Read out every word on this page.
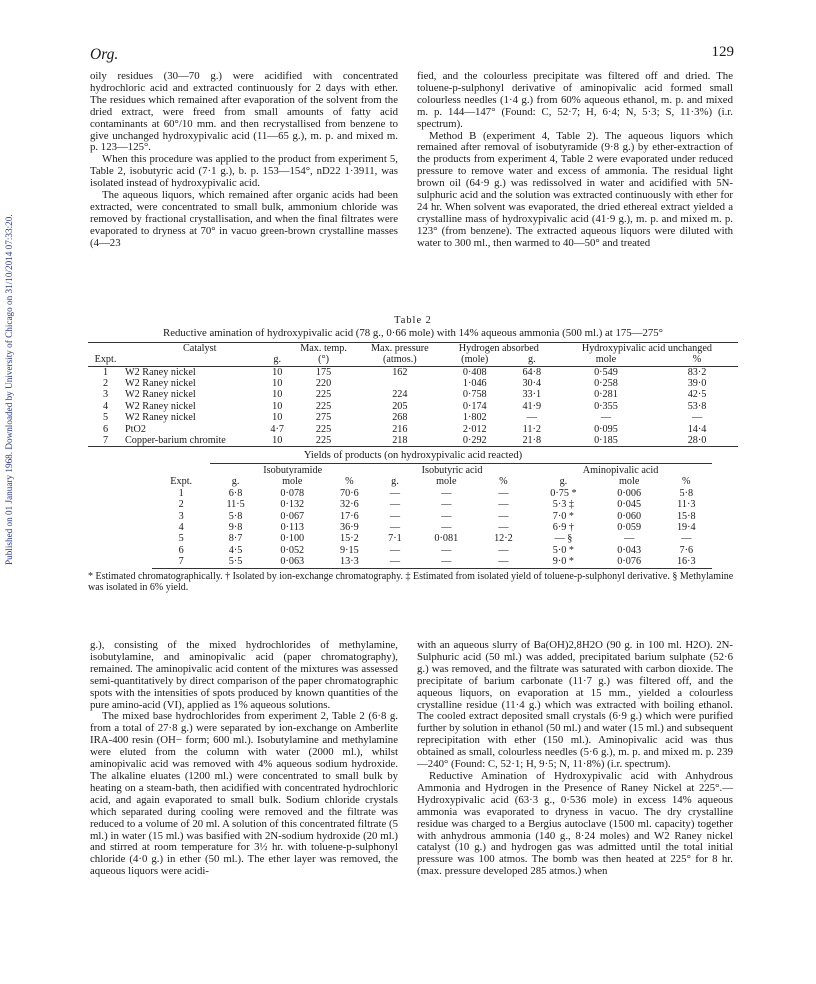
Published on 01 January 1968. Downloaded by University of Chicago on 31/10/2014 07:33:20.
Org.	129

oily residues (30—70 g.) were acidified with concentrated hydrochloric acid and extracted continuously for 2 days with ether. The residues which remained after evaporation of the solvent from the dried extract, were freed from small amounts of fatty acid contaminants at 60°/10 mm. and then recrystallised from benzene to give unchanged hydroxypivalic acid (11—65 g.), m. p. and mixed m. p. 123—125°.

When this procedure was applied to the product from experiment 5, Table 2, isobutyric acid (7·1 g.), b. p. 153—154°, nD22 1·3911, was isolated instead of hydroxypivalic acid.

The aqueous liquors, which remained after organic acids had been extracted, were concentrated to small bulk, ammonium chloride was removed by fractional crystallisation, and when the final filtrates were evaporated to dryness at 70° in vacuo green-brown crystalline masses (4—23

fied, and the colourless precipitate was filtered off and dried. The toluene-p-sulphonyl derivative of aminopivalic acid formed small colourless needles (1·4 g.) from 60% aqueous ethanol, m. p. and mixed m. p. 144—147° (Found: C, 52·7; H, 6·4; N, 5·3; S, 11·3%) (i.r. spectrum).

Method B (experiment 4, Table 2). The aqueous liquors which remained after removal of isobutyramide (9·8 g.) by ether-extraction of the products from experiment 4, Table 2 were evaporated under reduced pressure to remove water and excess of ammonia. The residual light brown oil (64·9 g.) was redissolved in water and acidified with 5N-sulphuric acid and the solution was extracted continuously with ether for 24 hr. When solvent was evaporated, the dried ethereal extract yielded a crystalline mass of hydroxypivalic acid (41·9 g.), m. p. and mixed m. p. 123° (from benzene). The extracted aqueous liquors were diluted with water to 300 ml., then warmed to 40—50° and treated

Table 2
Reductive amination of hydroxypivalic acid (78 g., 0·66 mole) with 14% aqueous ammonia (500 ml.) at 175—275°
	Catalyst		Max. temp.	Max. pressure	Hydrogen absorbed		Hydroxypivalic acid unchanged	
Expt.		g.	(°)	(atmos.)	(mole)	g.	mole	%
1	W2 Raney nickel	10	175	162	0·408	64·8	0·549	83·2
2	W2 Raney nickel	10	220		1·046	30·4	0·258	39·0
3	W2 Raney nickel	10	225	224	0·758	33·1	0·281	42·5
4	W2 Raney nickel	10	225	205	0·174	41·9	0·355	53·8
5	W2 Raney nickel	10	275	268	1·802	—	—	—
6	PtO2	4·7	225	216	2·012	11·2	0·095	14·4
7	Copper-barium chromite	10	225	218	0·292	21·8	0·185	28·0
Yields of products (on hydroxypivalic acid reacted)
	Isobutyramide			Isobutyric acid			Aminopivalic acid		
Expt.	g.	mole	%	g.	mole	%	g.	mole	%
1	6·8	0·078	70·6	—	—	—	0·75 *	0·006	5·8
2	11·5	0·132	32·6	—	—	—	5·3 ‡	0·045	11·3
3	5·8	0·067	17·6	—	—	—	7·0 *	0·060	15·8
4	9·8	0·113	36·9	—	—	—	6·9 †	0·059	19·4
5	8·7	0·100	15·2	7·1	0·081	12·2	— §	—	—
6	4·5	0·052	9·15	—	—	—	5·0 *	0·043	7·6
7	5·5	0·063	13·3	—	—	—	9·0 *	0·076	16·3
* Estimated chromatographically. † Isolated by ion-exchange chromatography. ‡ Estimated from isolated yield of toluene-p-sulphonyl derivative. § Methylamine was isolated in 6% yield.

g.), consisting of the mixed hydrochlorides of methylamine, isobutylamine, and aminopivalic acid (paper chromatography), remained. The aminopivalic acid content of the mixtures was assessed semi-quantitatively by direct comparison of the paper chromatographic spots with the intensities of spots produced by known quantities of the pure amino-acid (VI), applied as 1% aqueous solutions.

The mixed base hydrochlorides from experiment 2, Table 2 (6·8 g. from a total of 27·8 g.) were separated by ion-exchange on Amberlite IRA-400 resin (OH− form; 600 ml.). Isobutylamine and methylamine were eluted from the column with water (2000 ml.), whilst aminopivalic acid was removed with 4% aqueous sodium hydroxide. The alkaline eluates (1200 ml.) were concentrated to small bulk by heating on a steam-bath, then acidified with concentrated hydrochloric acid, and again evaporated to small bulk. Sodium chloride crystals which separated during cooling were removed and the filtrate was reduced to a volume of 20 ml. A solution of this concentrated filtrate (5 ml.) in water (15 ml.) was basified with 2N-sodium hydroxide (20 ml.) and stirred at room temperature for 3½ hr. with toluene-p-sulphonyl chloride (4·0 g.) in ether (50 ml.). The ether layer was removed, the aqueous liquors were acidi-

with an aqueous slurry of Ba(OH)2,8H2O (90 g. in 100 ml. H2O). 2N-Sulphuric acid (50 ml.) was added, precipitated barium sulphate (52·6 g.) was removed, and the filtrate was saturated with carbon dioxide. The precipitate of barium carbonate (11·7 g.) was filtered off, and the aqueous liquors, on evaporation at 15 mm., yielded a colourless crystalline residue (11·4 g.) which was extracted with boiling ethanol. The cooled extract deposited small crystals (6·9 g.) which were purified further by solution in ethanol (50 ml.) and water (15 ml.) and subsequent reprecipitation with ether (150 ml.). Aminopivalic acid was thus obtained as small, colourless needles (5·6 g.), m. p. and mixed m. p. 239—240° (Found: C, 52·1; H, 9·5; N, 11·8%) (i.r. spectrum).

Reductive Amination of Hydroxypivalic acid with Anhydrous Ammonia and Hydrogen in the Presence of Raney Nickel at 225°.—Hydroxypivalic acid (63·3 g., 0·536 mole) in excess 14% aqueous ammonia was evaporated to dryness in vacuo. The dry crystalline residue was charged to a Bergius autoclave (1500 ml. capacity) together with anhydrous ammonia (140 g., 8·24 moles) and W2 Raney nickel catalyst (10 g.) and hydrogen gas was admitted until the total initial pressure was 100 atmos. The bomb was then heated at 225° for 8 hr. (max. pressure developed 285 atmos.) when
